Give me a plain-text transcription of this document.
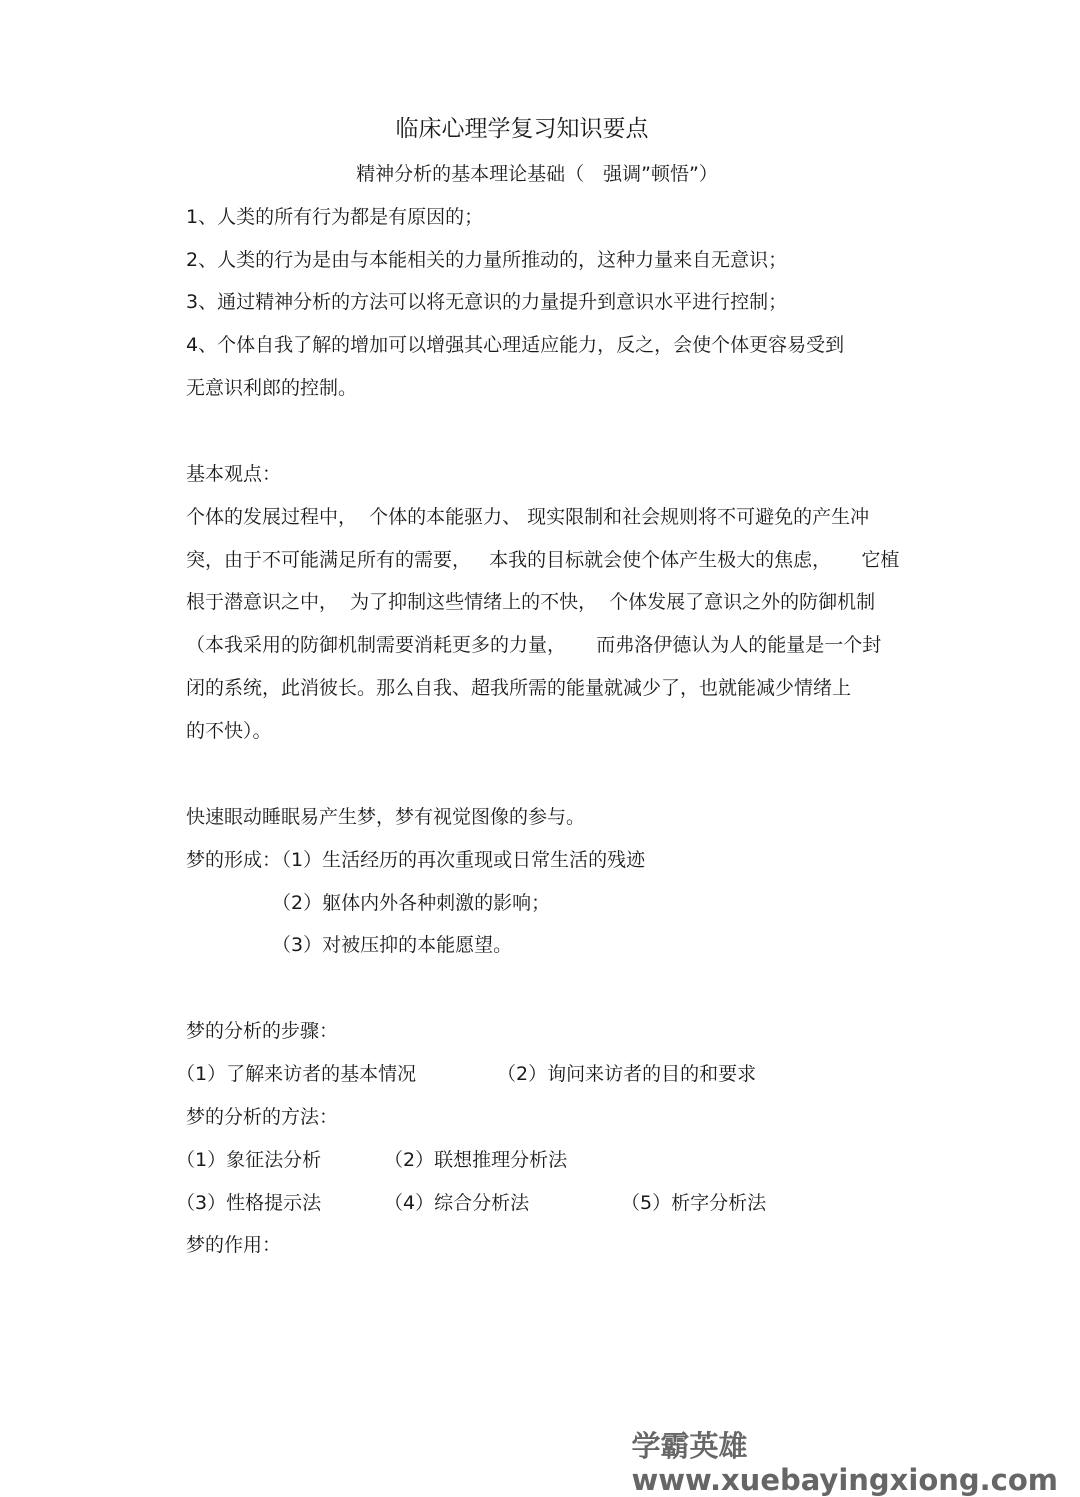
临床心理学复习知识要点
精神分析的基本理论基础（　强调”顿悟”）
1、人类的所有行为都是有原因的；
2、人类的行为是由与本能相关的力量所推动的，这种力量来自无意识；
3、通过精神分析的方法可以将无意识的力量提升到意识水平进行控制；
4、个体自我了解的增加可以增强其心理适应能力，反之，会使个体更容易受到
无意识利郎的控制。
基本观点：
个体的发展过程中，  个体的本能驱力、 现实限制和社会规则将不可避免的产生冲
突，由于不可能满足所有的需要，   本我的目标就会使个体产生极大的焦虑，     它植
根于潜意识之中，  为了抑制这些情绪上的不快，  个体发展了意识之外的防御机制
（本我采用的防御机制需要消耗更多的力量，     而弗洛伊德认为人的能量是一个封
闭的系统，此消彼长。那么自我、超我所需的能量就减少了，也就能减少情绪上
的不快）。
快速眼动睡眠易产生梦，梦有视觉图像的参与。
梦的形成：
（1）生活经历的再次重现或日常生活的残迹
（2）躯体内外各种刺激的影响；
（3）对被压抑的本能愿望。
梦的分析的步骤：
（1）了解来访者的基本情况	（2）询问来访者的目的和要求
梦的分析的方法：
（1）象征法分析	（2）联想推理分析法
（3）性格提示法	（4）综合分析法	（5）析字分析法
梦的作用：

学霸英雄
www.xuebayingxiong.com
